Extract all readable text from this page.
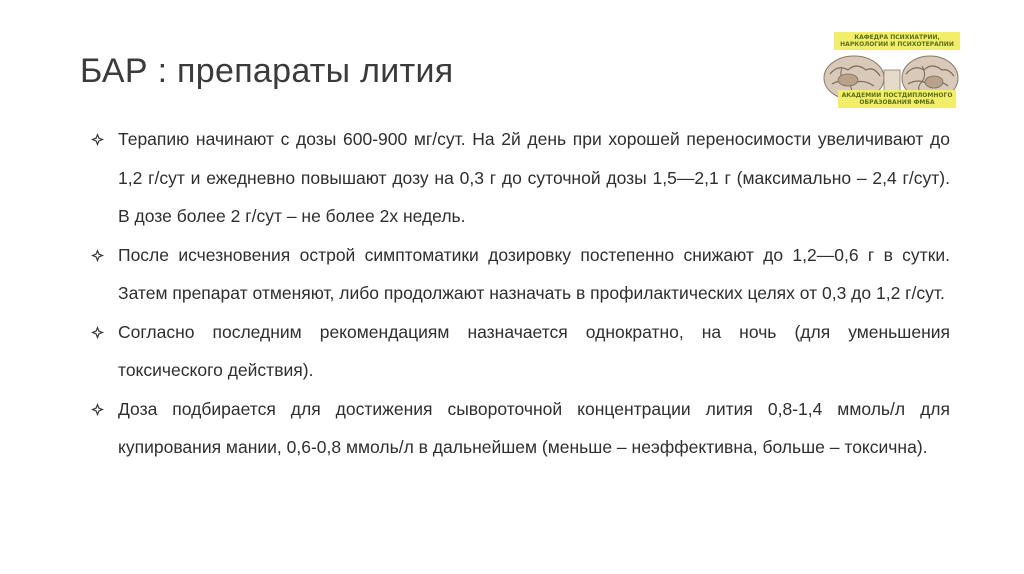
БАР : препараты лития
КАФЕДРА ПСИХИАТРИИ, НАРКОЛОГИИ И ПСИХОТЕРАПИИ
АКАДЕМИИ ПОСТДИПЛОМНОГО ОБРАЗОВАНИЯ ФМБА
Терапию начинают с дозы 600-900 мг/сут. На 2й день при хорошей переносимости увеличивают до 1,2 г/сут и ежедневно повышают дозу на 0,3 г до суточной дозы 1,5—2,1 г (максимально – 2,4 г/сут). В дозе более 2 г/сут – не более 2х недель.
После исчезновения острой симптоматики дозировку постепенно снижают до 1,2—0,6 г в сутки. Затем препарат отменяют, либо продолжают назначать в профилактических целях от 0,3 до 1,2 г/сут.
Согласно последним рекомендациям назначается однократно, на ночь (для уменьшения токсического действия).
Доза подбирается для достижения сывороточной концентрации лития 0,8-1,4 ммоль/л для купирования мании, 0,6-0,8 ммоль/л в дальнейшем (меньше – неэффективна, больше – токсична).
